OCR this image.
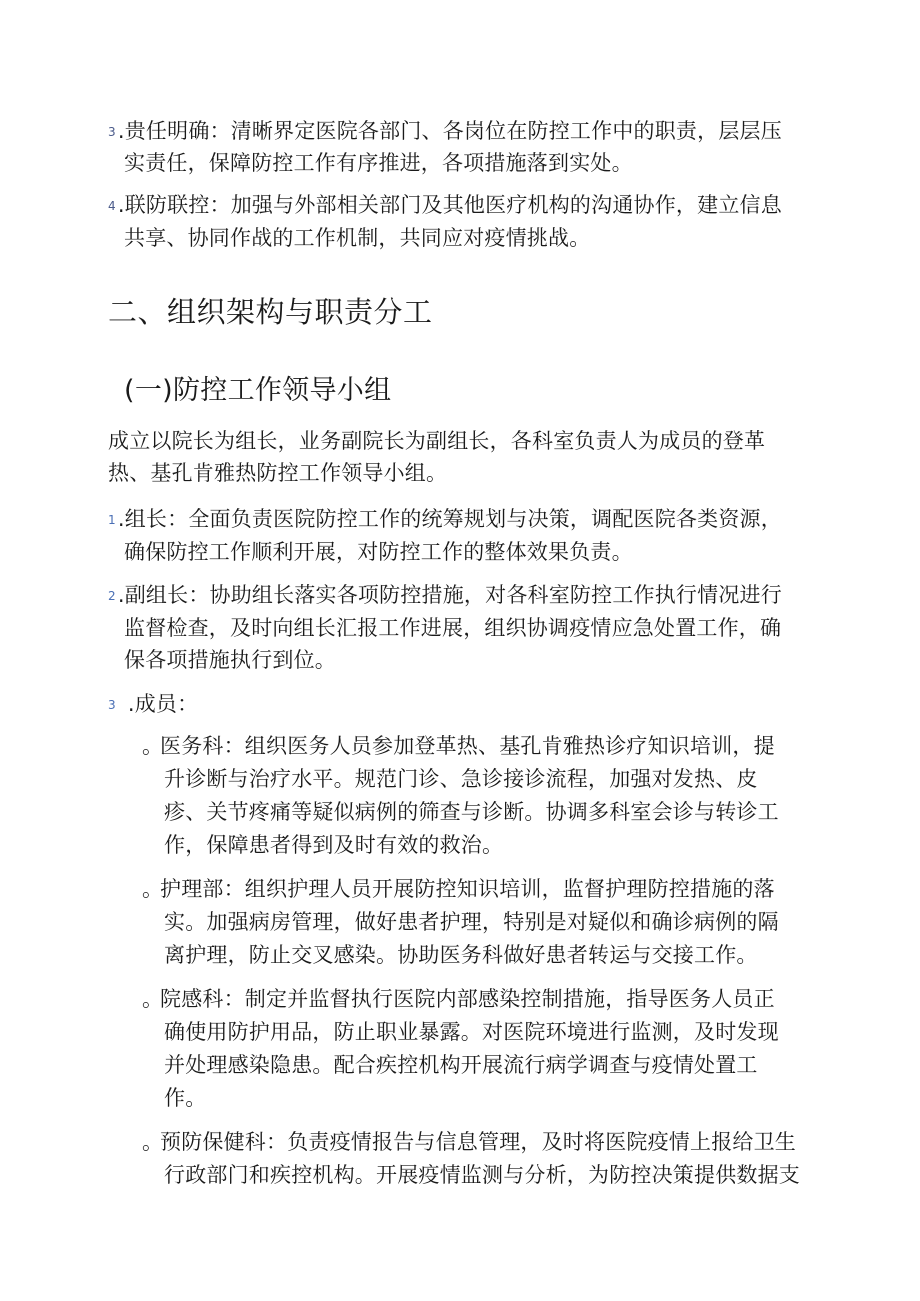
3.贵任明确：清晰界定医院各部门、各岗位在防控工作中的职责，层层压
实责任，保障防控工作有序推进，各项措施落到实处。
4.联防联控：加强与外部相关部门及其他医疗机构的沟通协作，建立信息
共享、协同作战的工作机制，共同应对疫情挑战。
二、组织架构与职责分工
(一)防控工作领导小组
成立以院长为组长，业务副院长为副组长，各科室负责人为成员的登革
热、基孔肯雅热防控工作领导小组。
1.组长：全面负责医院防控工作的统筹规划与决策，调配医院各类资源，
确保防控工作顺利开展，对防控工作的整体效果负责。
2.副组长：协助组长落实各项防控措施，对各科室防控工作执行情况进行
监督检查，及时向组长汇报工作进展，组织协调疫情应急处置工作，确
保各项措施执行到位。
3 .成员：
。医务科：组织医务人员参加登革热、基孔肯雅热诊疗知识培训，提
升诊断与治疗水平。规范门诊、急诊接诊流程，加强对发热、皮
疹、关节疼痛等疑似病例的筛查与诊断。协调多科室会诊与转诊工
作，保障患者得到及时有效的救治。
。护理部：组织护理人员开展防控知识培训，监督护理防控措施的落
实。加强病房管理，做好患者护理，特别是对疑似和确诊病例的隔
离护理，防止交叉感染。协助医务科做好患者转运与交接工作。
。院感科：制定并监督执行医院内部感染控制措施，指导医务人员正
确使用防护用品，防止职业暴露。对医院环境进行监测，及时发现
并处理感染隐患。配合疾控机构开展流行病学调查与疫情处置工
作。
。预防保健科：负责疫情报告与信息管理，及时将医院疫情上报给卫生
行政部门和疾控机构。开展疫情监测与分析，为防控决策提供数据支
